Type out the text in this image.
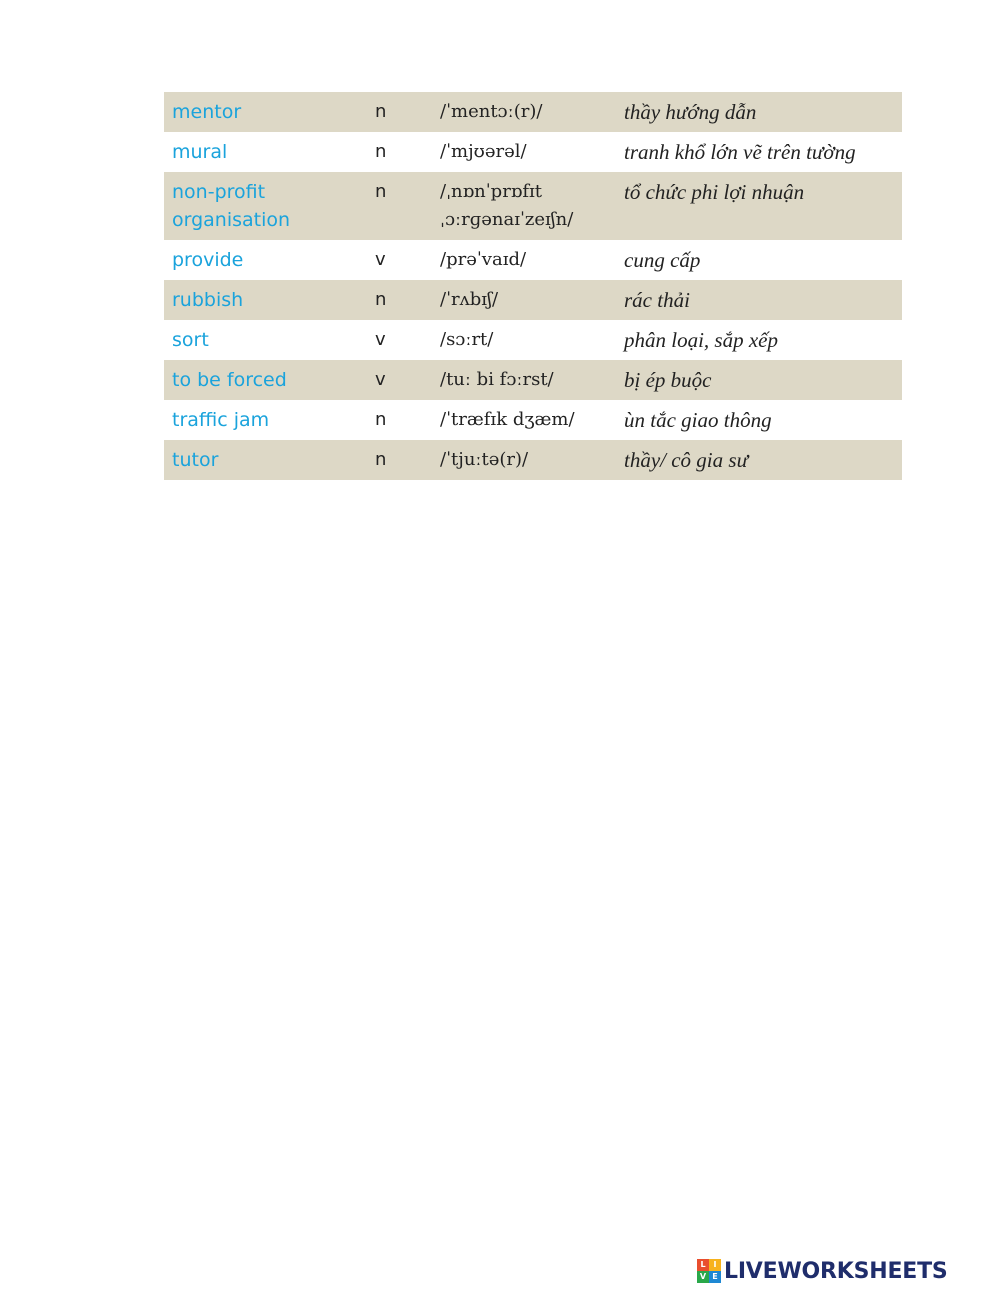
mentor	n	/ˈmentɔː(r)/	thầy hướng dẫn
mural	n	/ˈmjʊərəl/	tranh khổ lớn vẽ trên tường
non-profit organisation	n	/ˌnɒnˈprɒfɪt ˌɔːrɡənaɪˈzeɪʃn/	tổ chức phi lợi nhuận
provide	v	/prəˈvaɪd/	cung cấp
rubbish	n	/ˈrʌbɪʃ/	rác thải
sort	v	/sɔːrt/	phân loại, sắp xếp
to be forced	v	/tuː bi fɔːrst/	bị ép buộc
traffic jam	n	/ˈtræfɪk dʒæm/	ùn tắc giao thông
tutor	n	/ˈtjuːtə(r)/	thầy/ cô gia sư
L I
V E LIVEWORKSHEETS
